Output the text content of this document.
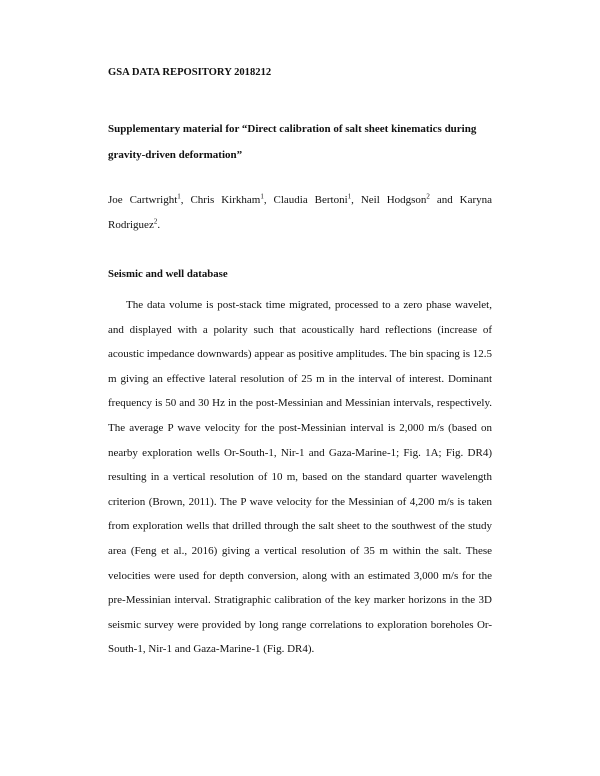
GSA DATA REPOSITORY 2018212
Supplementary material for “Direct calibration of salt sheet kinematics during gravity-driven deformation”
Joe Cartwright$^1$, Chris Kirkham$^1$, Claudia Bertoni$^1$, Neil Hodgson$^2$ and Karyna Rodriguez$^2$.
Seismic and well database
The data volume is post-stack time migrated, processed to a zero phase wavelet, and displayed with a polarity such that acoustically hard reflections (increase of acoustic impedance downwards) appear as positive amplitudes. The bin spacing is 12.5 m giving an effective lateral resolution of 25 m in the interval of interest. Dominant frequency is 50 and 30 Hz in the post-Messinian and Messinian intervals, respectively. The average P wave velocity for the post-Messinian interval is 2,000 m/s (based on nearby exploration wells Or-South-1, Nir-1 and Gaza-Marine-1; Fig. 1A; Fig. DR4) resulting in a vertical resolution of 10 m, based on the standard quarter wavelength criterion (Brown, 2011). The P wave velocity for the Messinian of 4,200 m/s is taken from exploration wells that drilled through the salt sheet to the southwest of the study area (Feng et al., 2016) giving a vertical resolution of 35 m within the salt. These velocities were used for depth conversion, along with an estimated 3,000 m/s for the pre-Messinian interval. Stratigraphic calibration of the key marker horizons in the 3D seismic survey were provided by long range correlations to exploration boreholes Or-South-1, Nir-1 and Gaza-Marine-1 (Fig. DR4).
